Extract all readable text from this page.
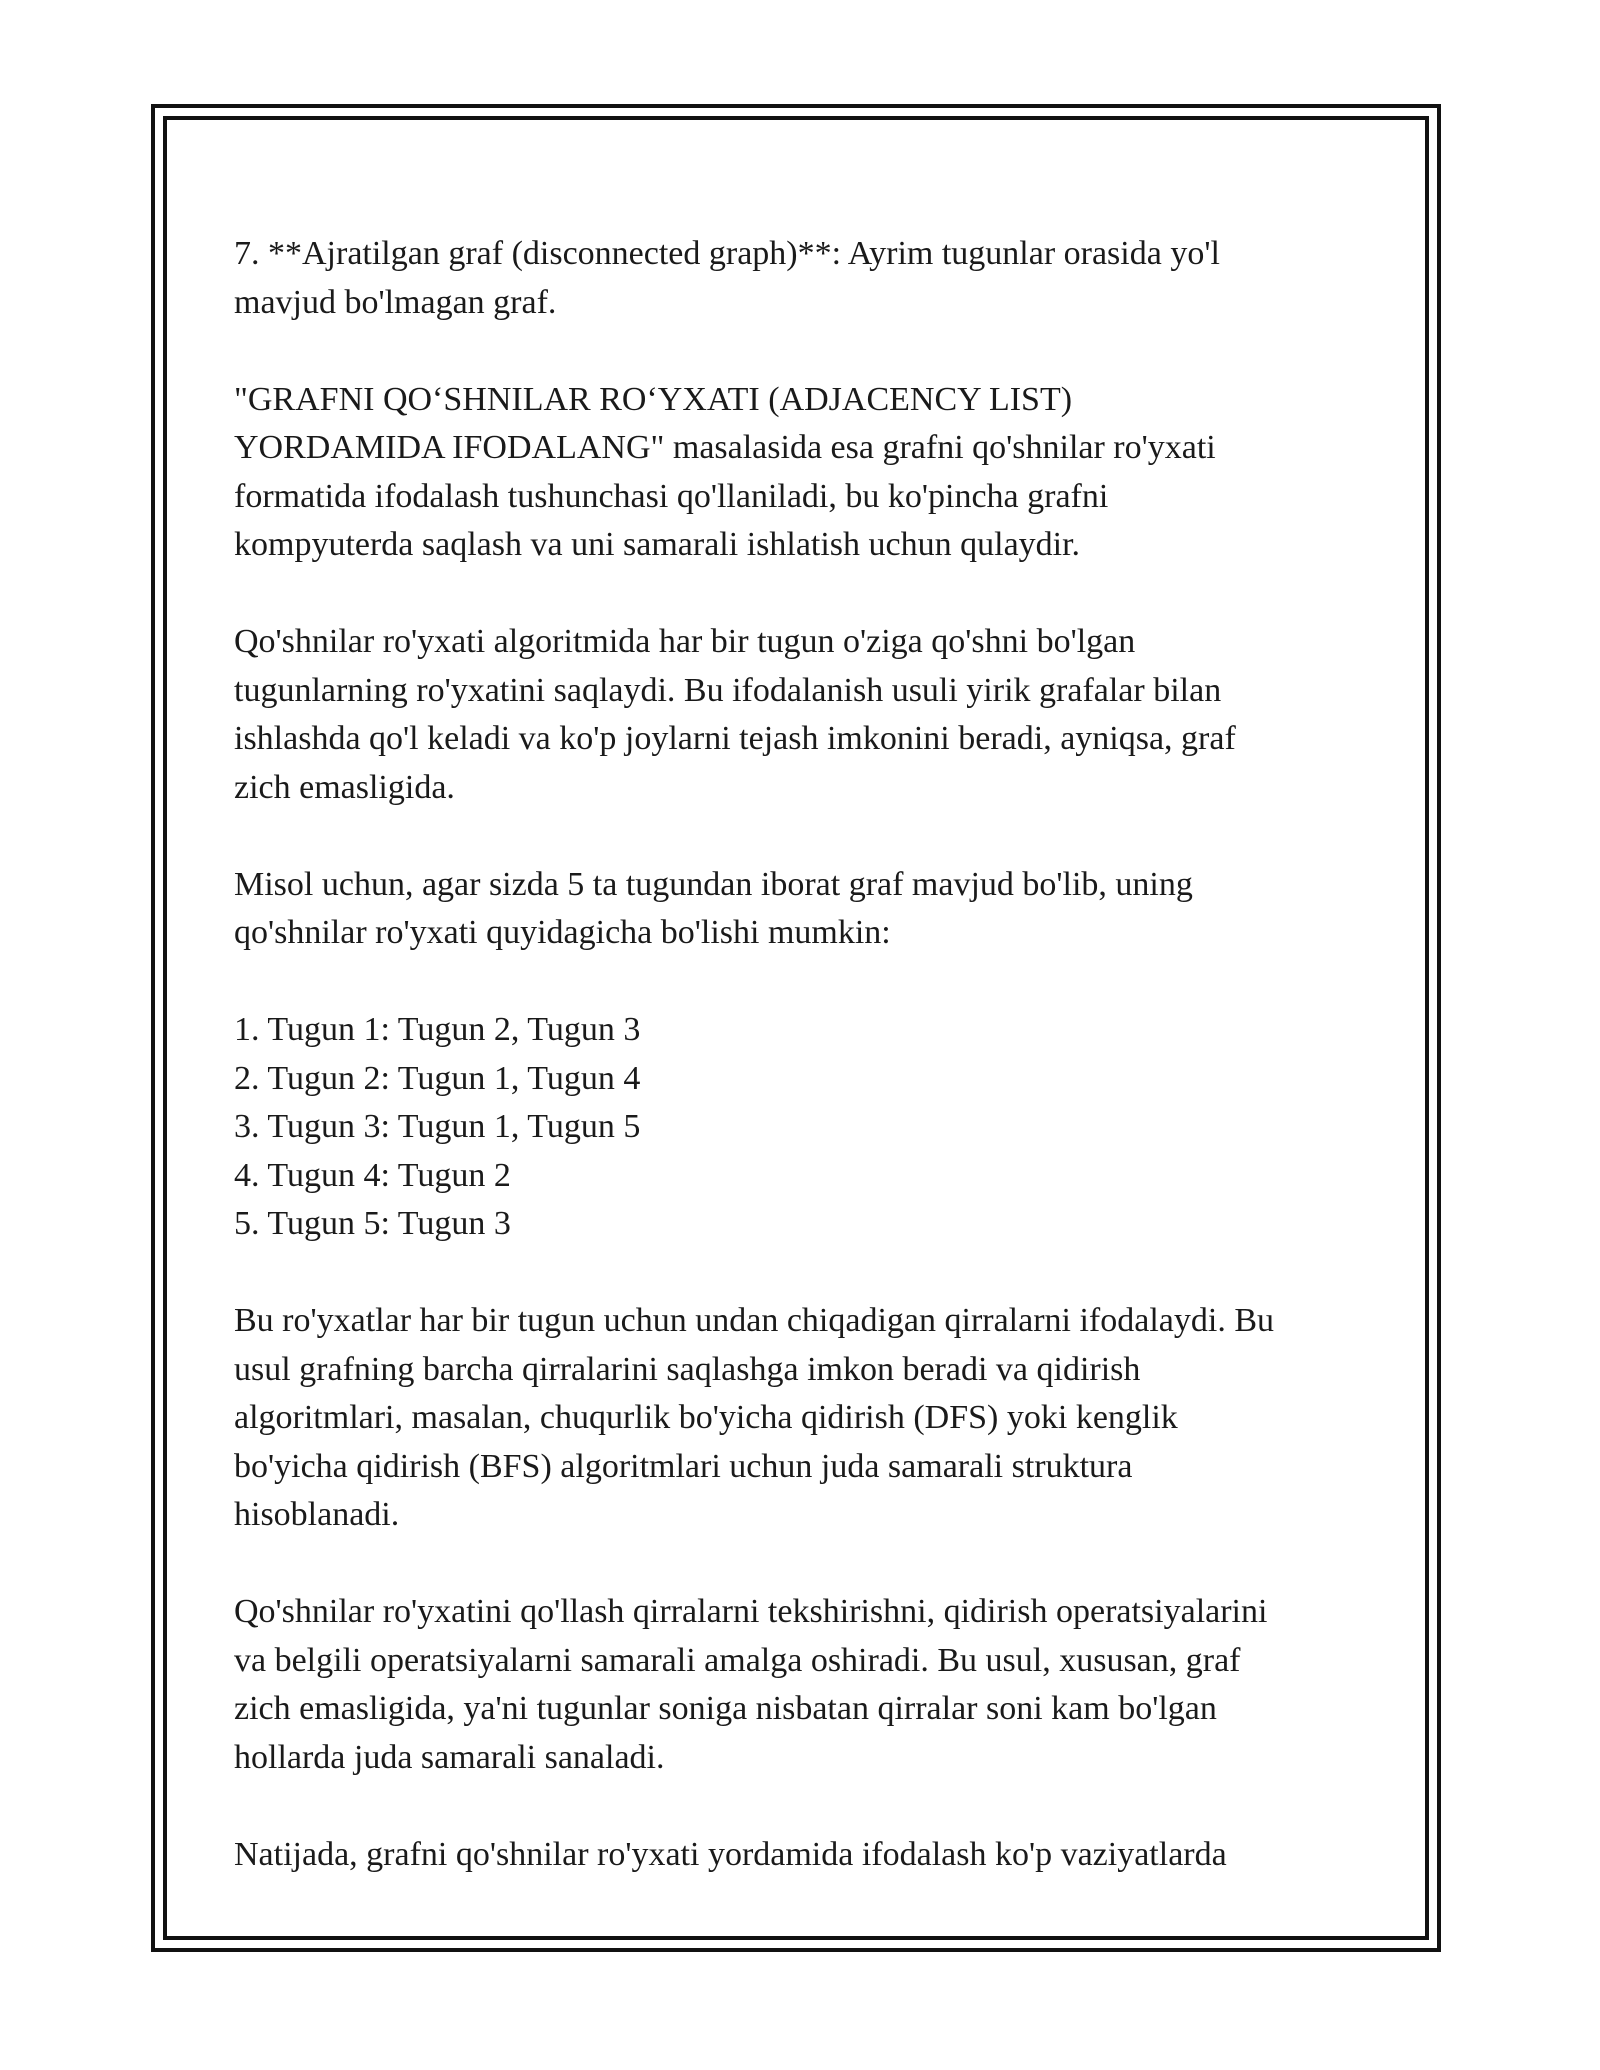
7. **Ajratilgan graf (disconnected graph)**: Ayrim tugunlar orasida yo'l
mavjud bo'lmagan graf.

"GRAFNI QO‘SHNILAR RO‘YXATI (ADJACENCY LIST)
YORDAMIDA IFODALANG" masalasida esa grafni qo'shnilar ro'yxati
formatida ifodalash tushunchasi qo'llaniladi, bu ko'pincha grafni
kompyuterda saqlash va uni samarali ishlatish uchun qulaydir.

Qo'shnilar ro'yxati algoritmida har bir tugun o'ziga qo'shni bo'lgan
tugunlarning ro'yxatini saqlaydi. Bu ifodalanish usuli yirik grafalar bilan
ishlashda qo'l keladi va ko'p joylarni tejash imkonini beradi, ayniqsa, graf
zich emasligida.

Misol uchun, agar sizda 5 ta tugundan iborat graf mavjud bo'lib, uning
qo'shnilar ro'yxati quyidagicha bo'lishi mumkin:

1. Tugun 1: Tugun 2, Tugun 3
2. Tugun 2: Tugun 1, Tugun 4
3. Tugun 3: Tugun 1, Tugun 5
4. Tugun 4: Tugun 2
5. Tugun 5: Tugun 3

Bu ro'yxatlar har bir tugun uchun undan chiqadigan qirralarni ifodalaydi. Bu
usul grafning barcha qirralarini saqlashga imkon beradi va qidirish
algoritmlari, masalan, chuqurlik bo'yicha qidirish (DFS) yoki kenglik
bo'yicha qidirish (BFS) algoritmlari uchun juda samarali struktura
hisoblanadi.

Qo'shnilar ro'yxatini qo'llash qirralarni tekshirishni, qidirish operatsiyalarini
va belgili operatsiyalarni samarali amalga oshiradi. Bu usul, xususan, graf
zich emasligida, ya'ni tugunlar soniga nisbatan qirralar soni kam bo'lgan
hollarda juda samarali sanaladi.

Natijada, grafni qo'shnilar ro'yxati yordamida ifodalash ko'p vaziyatlarda
